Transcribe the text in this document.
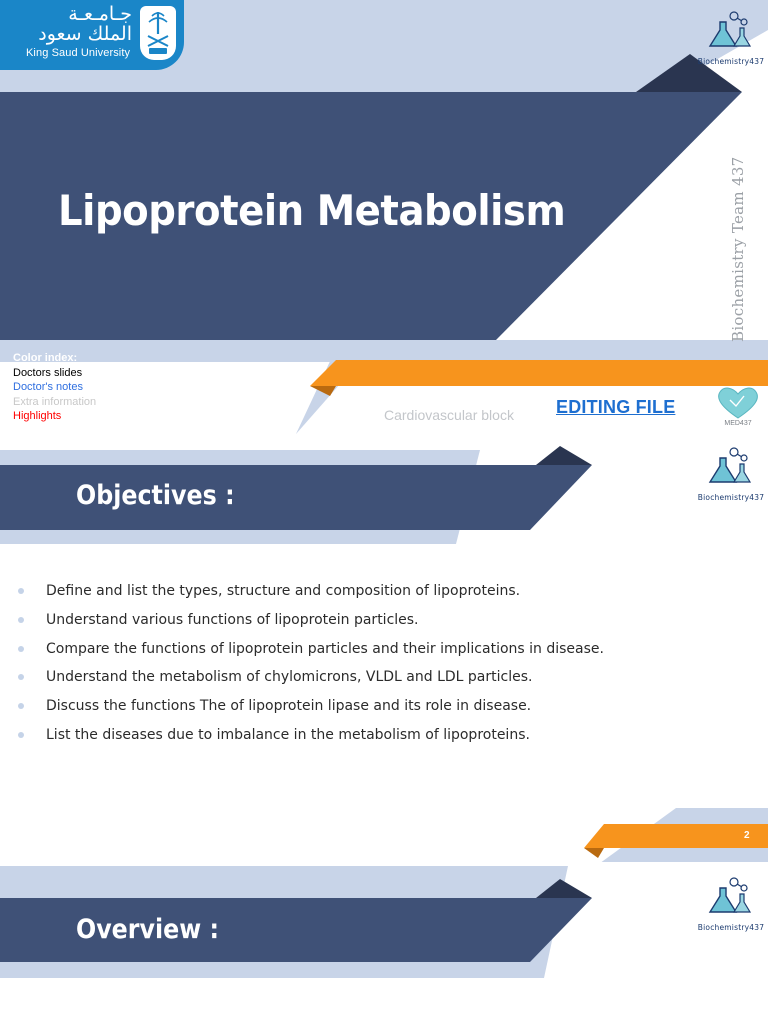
جـامـعـة
الملك سعود
King Saud University
Biochemistry437
Lipoprotein Metabolism	Biochemistry Team 437
Color index:
Doctors slides
Doctor's notes
Extra information
Highlights	Cardiovascular block EDITING FILE
MED437
Objectives :	Biochemistry437
Define and list the types, structure and composition of lipoproteins.
Understand various functions of lipoprotein particles.
Compare the functions of lipoprotein particles and their implications in disease.
Understand the metabolism of chylomicrons, VLDL and LDL particles.
Discuss the functions The of lipoprotein lipase and its role in disease.
List the diseases due to imbalance in the metabolism of lipoproteins.
2
Overview :	Biochemistry437
